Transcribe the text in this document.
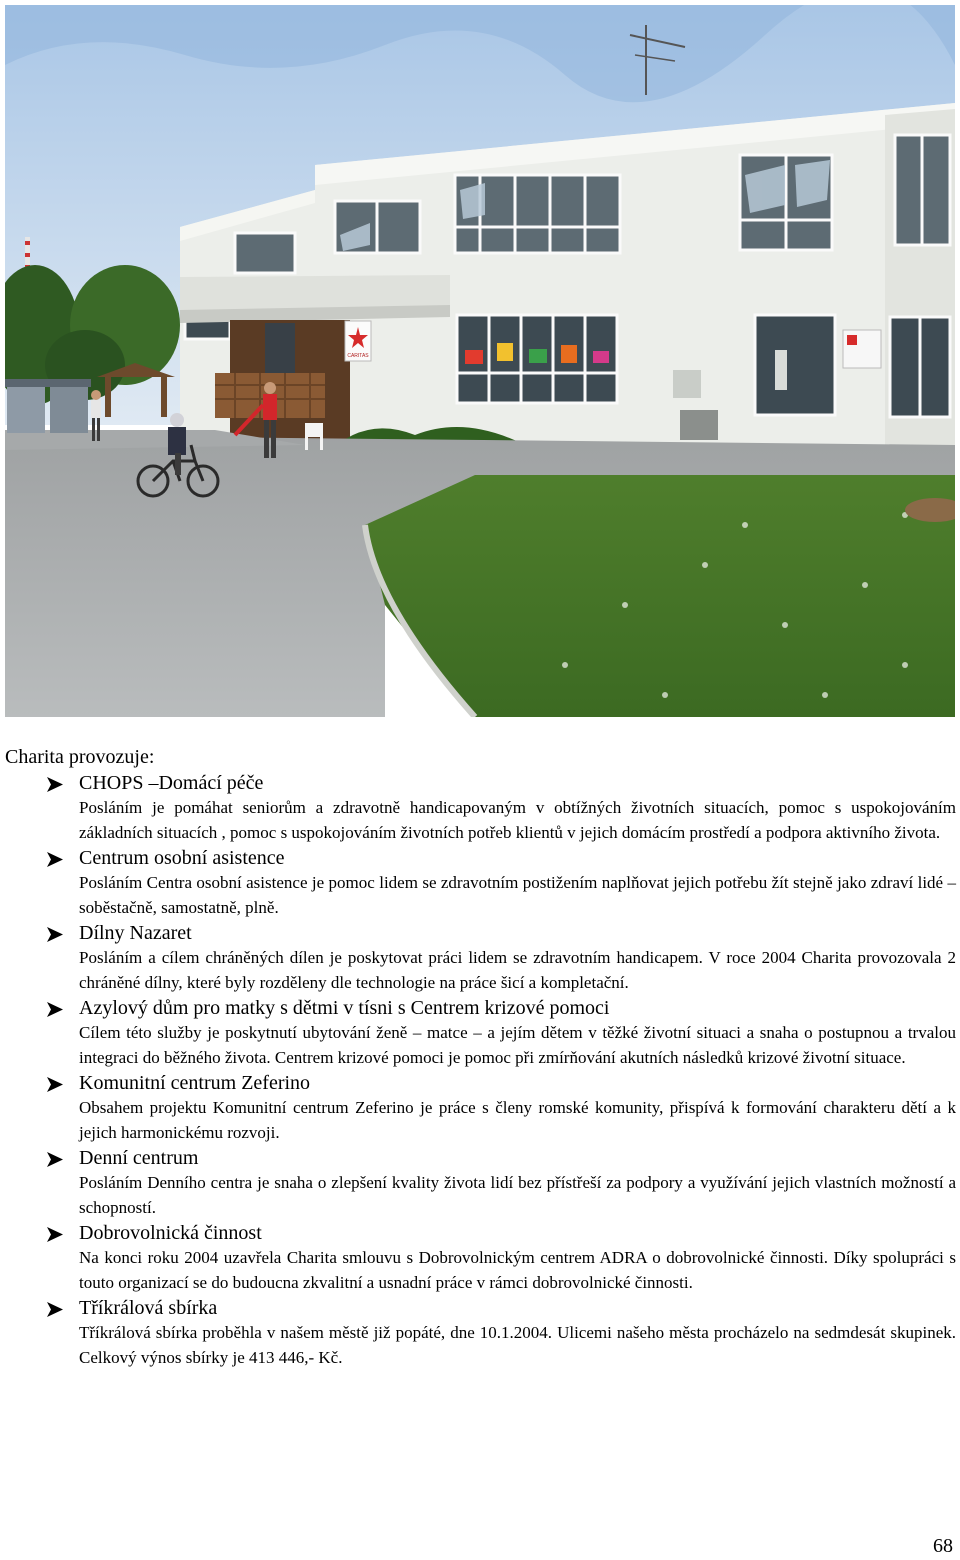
CARITAS
Charita provozuje:
CHOPS –Domácí péče
Posláním je pomáhat seniorům a zdravotně handicapovaným v obtížných životních situacích, pomoc s uspokojováním základních situacích , pomoc s uspokojováním životních potřeb klientů v jejich domácím prostředí a podpora aktivního života.
Centrum osobní asistence
Posláním Centra osobní asistence je pomoc lidem se zdravotním postižením naplňovat jejich potřebu žít stejně jako zdraví lidé – soběstačně, samostatně, plně.
Dílny Nazaret
Posláním a cílem chráněných dílen je poskytovat práci lidem se zdravotním handicapem. V roce 2004 Charita provozovala 2 chráněné dílny, které byly rozděleny dle technologie na práce šicí a kompletační.
Azylový dům pro matky s dětmi v tísni s Centrem krizové pomoci
Cílem této služby je poskytnutí ubytování ženě – matce – a jejím dětem v těžké životní situaci a snaha o postupnou a trvalou integraci do běžného života. Centrem krizové pomoci je pomoc při zmírňování akutních následků krizové životní situace.
Komunitní centrum Zeferino
Obsahem projektu Komunitní centrum Zeferino je práce s členy romské komunity, přispívá k formování charakteru dětí a k jejich harmonickému rozvoji.
Denní centrum
Posláním Denního centra je snaha o zlepšení kvality života lidí bez přístřeší za podpory a využívání jejich vlastních možností a schopností.
Dobrovolnická činnost
Na konci roku 2004 uzavřela Charita smlouvu s Dobrovolnickým centrem ADRA o dobrovolnické činnosti. Díky spolupráci s touto organizací se do budoucna zkvalitní a usnadní práce v rámci dobrovolnické činnosti.
Tříkrálová sbírka
Tříkrálová sbírka proběhla v našem městě již popáté, dne 10.1.2004. Ulicemi našeho města procházelo na sedmdesát skupinek. Celkový výnos sbírky je 413 446,- Kč.
68
